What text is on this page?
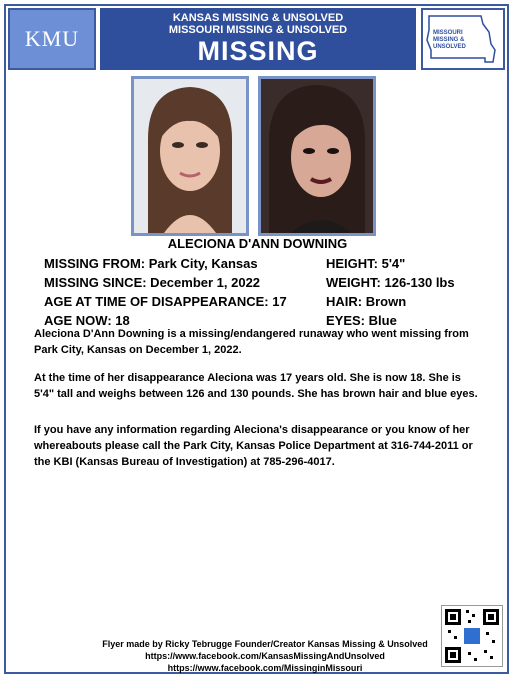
KMU
KANSAS MISSING & UNSOLVED
MISSOURI MISSING & UNSOLVED
MISSING
MISSOURI MISSING & UNSOLVED
ALECIONA D'ANN DOWNING
MISSING FROM: Park City, Kansas
MISSING SINCE: December 1, 2022
AGE AT TIME OF DISAPPEARANCE: 17
AGE NOW: 18
HEIGHT: 5'4"
WEIGHT: 126-130 lbs
HAIR: Brown
EYES: Blue
Aleciona D'Ann Downing is a missing/endangered runaway who went missing from Park City, Kansas on December 1, 2022.
At the time of her disappearance Aleciona was 17 years old. She is now 18. She is 5'4" tall and weighs between 126 and 130 pounds. She has brown hair and blue eyes.
If you have any information regarding Aleciona's disappearance or you know of her whereabouts please call the Park City, Kansas Police Department at 316-744-2011 or the KBI (Kansas Bureau of Investigation) at 785-296-4017.
Flyer made by Ricky Tebrugge Founder/Creator Kansas Missing & Unsolved
https://www.facebook.com/KansasMissingAndUnsolved
https://www.facebook.com/MissinginMissouri
